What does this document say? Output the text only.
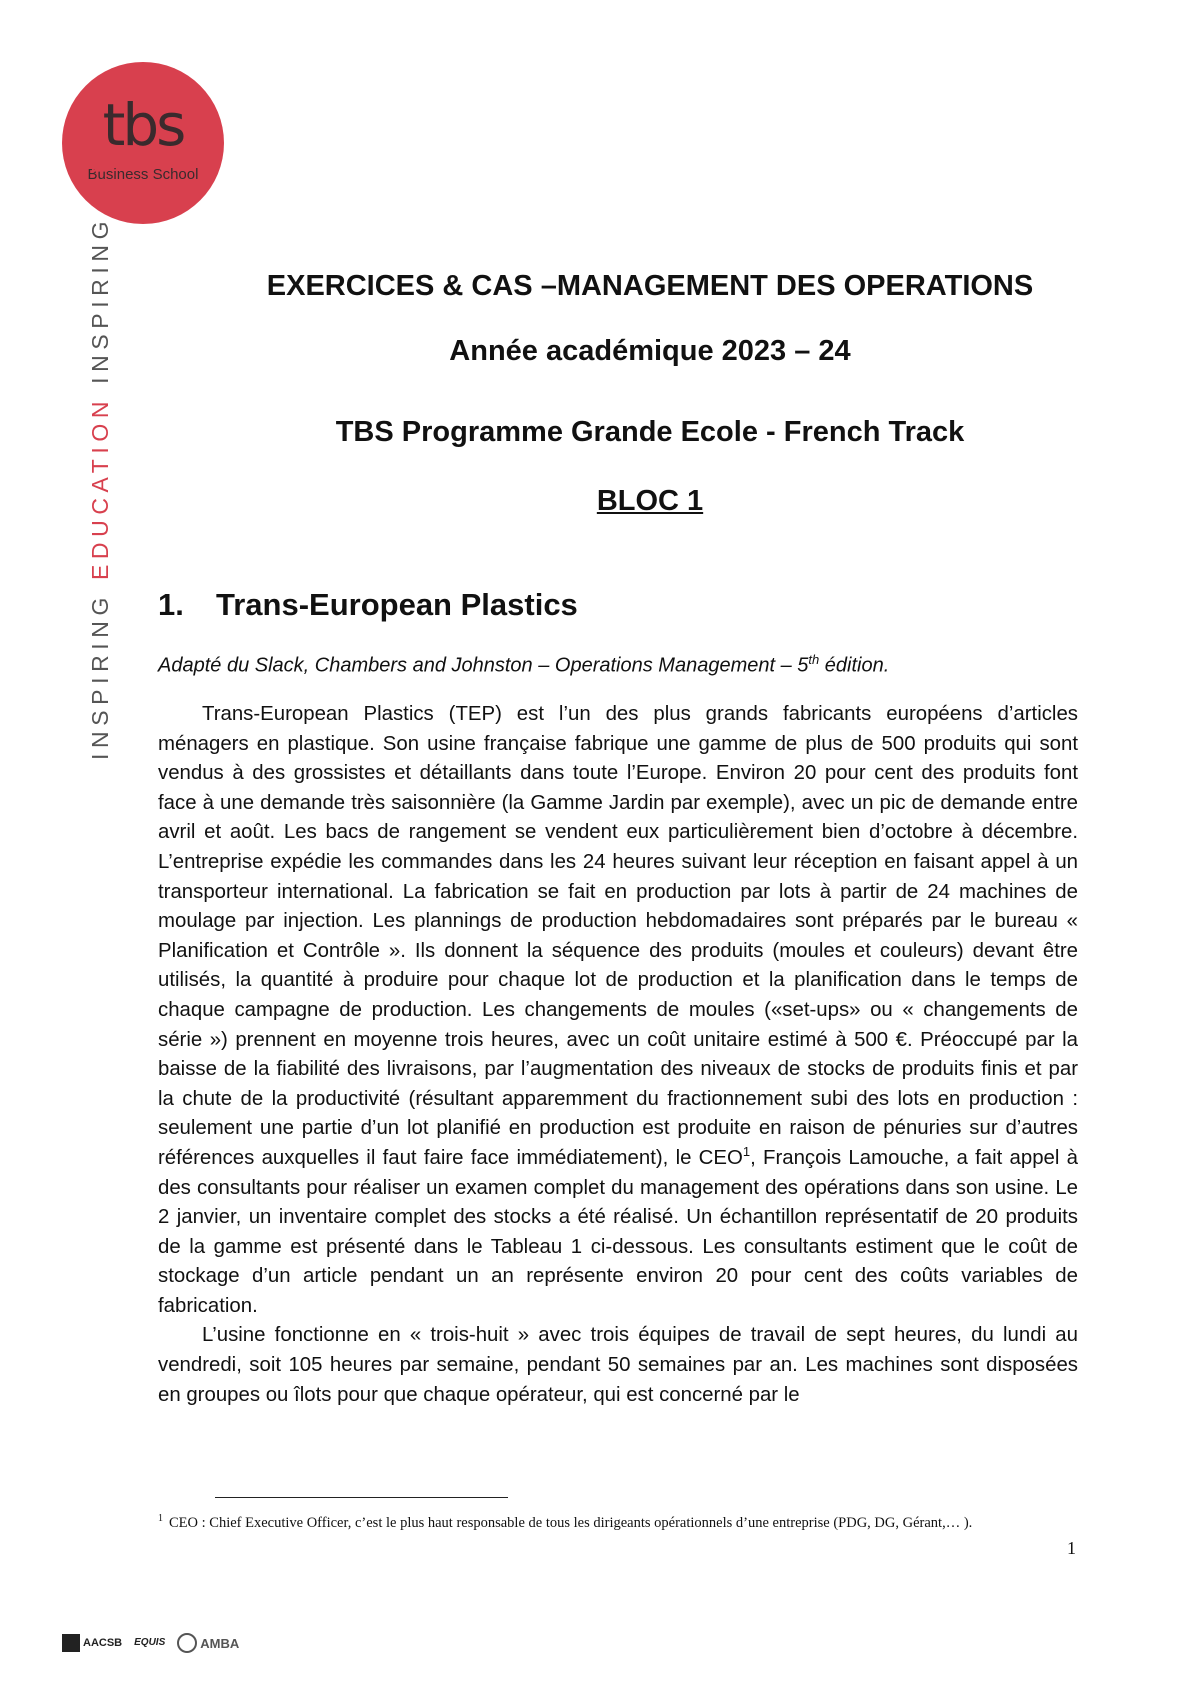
tbs
Business School
INSPIRING EDUCATION INSPIRING LIFE
EXERCICES & CAS –MANAGEMENT DES OPERATIONS
Année académique 2023 – 24
TBS Programme Grande Ecole - French Track
BLOC 1
1. Trans-European Plastics
Adapté du Slack, Chambers and Johnston – Operations Management – 5th édition.

Trans-European Plastics (TEP) est l’un des plus grands fabricants européens d’articles ménagers en plastique. Son usine française fabrique une gamme de plus de 500 produits qui sont vendus à des grossistes et détaillants dans toute l’Europe. Environ 20 pour cent des produits font face à une demande très saisonnière (la Gamme Jardin par exemple), avec un pic de demande entre avril et août. Les bacs de rangement se vendent eux particulièrement bien d’octobre à décembre. L’entreprise expédie les commandes dans les 24 heures suivant leur réception en faisant appel à un transporteur international. La fabrication se fait en production par lots à partir de 24 machines de moulage par injection. Les plannings de production hebdomadaires sont préparés par le bureau « Planification et Contrôle ». Ils donnent la séquence des produits (moules et couleurs) devant être utilisés, la quantité à produire pour chaque lot de production et la planification dans le temps de chaque campagne de production. Les changements de moules («set-ups» ou « changements de série ») prennent en moyenne trois heures, avec un coût unitaire estimé à 500 €. Préoccupé par la baisse de la fiabilité des livraisons, par l’augmentation des niveaux de stocks de produits finis et par la chute de la productivité (résultant apparemment du fractionnement subi des lots en production : seulement une partie d’un lot planifié en production est produite en raison de pénuries sur d’autres références auxquelles il faut faire face immédiatement), le CEO$^1$, François Lamouche, a fait appel à des consultants pour réaliser un examen complet du management des opérations dans son usine. Le 2 janvier, un inventaire complet des stocks a été réalisé. Un échantillon représentatif de 20 produits de la gamme est présenté dans le Tableau 1 ci-dessous. Les consultants estiment que le coût de stockage d’un article pendant un an représente environ 20 pour cent des coûts variables de fabrication.

L’usine fonctionne en « trois-huit » avec trois équipes de travail de sept heures, du lundi au vendredi, soit 105 heures par semaine, pendant 50 semaines par an. Les machines sont disposées en groupes ou îlots pour que chaque opérateur, qui est concerné par le

$^1$ CEO : Chief Executive Officer, c’est le plus haut responsable de tous les dirigeants opérationnels d’une entreprise (PDG, DG, Gérant,… ).
1
AACSB EQUIS	AMBA
